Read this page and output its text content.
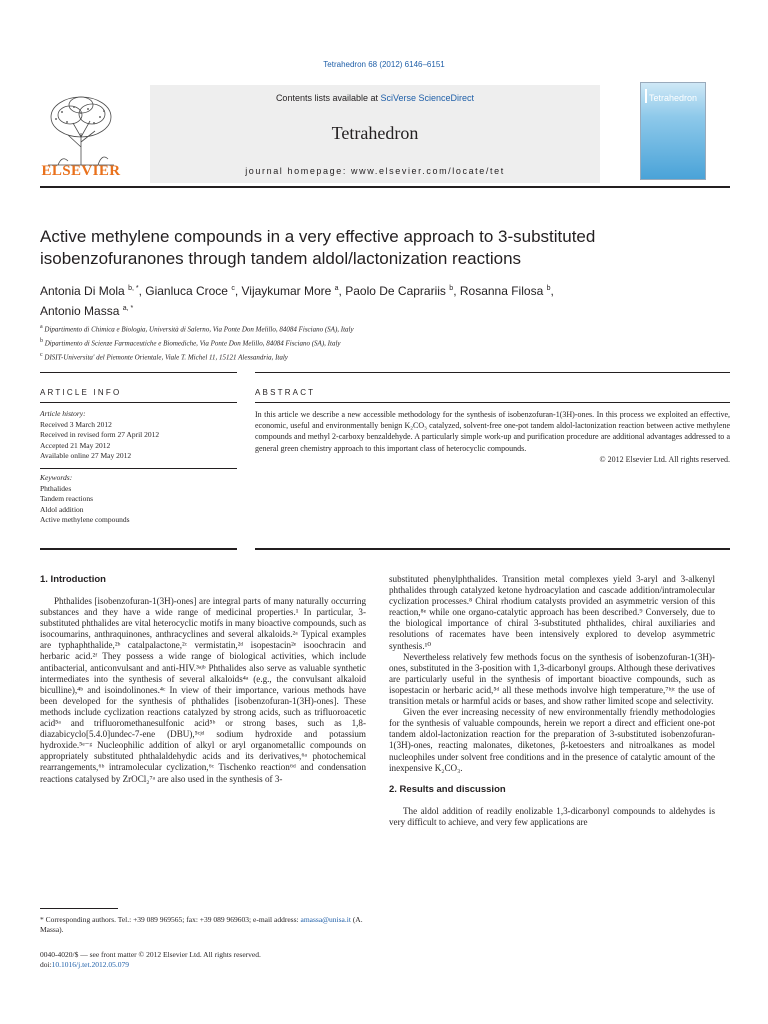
Tetrahedron 68 (2012) 6146–6151
ELSEVIER
Contents lists available at SciVerse ScienceDirect
Tetrahedron
journal homepage: www.elsevier.com/locate/tet
Tetrahedron
Active methylene compounds in a very effective approach to 3-substituted
isobenzofuranones through tandem aldol/lactonization reactions
Antonia Di Mola $^{b, *}$, Gianluca Croce $^c$, Vijaykumar More $^a$, Paolo De Caprariis $^b$, Rosanna Filosa $^b$,
Antonio Massa $^{a, *}$
$^a$ Dipartimento di Chimica e Biologia, Università di Salerno, Via Ponte Don Melillo, 84084 Fisciano (SA), Italy
$^b$ Dipartimento di Scienze Farmaceutiche e Biomediche, Via Ponte Don Melillo, 84084 Fisciano (SA), Italy
$^c$ DISIT-Universita' del Piemonte Orientale, Viale T. Michel 11, 15121 Alessandria, Italy
ARTICLE INFO	ABSTRACT
Article history:
Received 3 March 2012
Received in revised form 27 April 2012
Accepted 21 May 2012
Available online 27 May 2012
Keywords:
Phthalides
Tandem reactions
Aldol addition
Active methylene compounds
In this article we describe a new accessible methodology for the synthesis of isobenzofuran-1(3H)-ones. In this process we exploited an effective, economic, useful and environmentally benign K₂CO₃ catalyzed, solvent-free one-pot tandem aldol-lactonization reaction between active methylene compounds and methyl 2-carboxy benzaldehyde. A particularly simple work-up and purification procedure are additional advantages addressed to a general green chemistry approach to this important class of heterocyclic compounds.
© 2012 Elsevier Ltd. All rights reserved.
1. Introduction

Phthalides [isobenzofuran-1(3H)-ones] are integral parts of many naturally occurring substances and they have a wide range of medicinal properties.¹ In particular, 3-substituted phthalides are vital heterocyclic motifs in many bioactive compounds, such as isocoumarins, anthraquinones, anthracyclines and several alkaloids.²ᵃ Typical examples are typhaphthalide,²ᵇ catalpalactone,²ᶜ vermistatin,²ᵈ isopestacin²ᵉ isoochracin and herbaric acid.²ᶠ They possess a wide range of biological activities, which include antibacterial, anticonvulsant and anti-HIV.³ᵃʲᵇ Phthalides also serve as valuable synthetic intermediates into the synthesis of several alkaloids⁴ᵃ (e.g., the convulsant alkaloid biculline),⁴ᵇ and isoindolinones.⁴ᶜ In view of their importance, various methods have been developed for the synthesis of phthalides [isobenzofuran-1(3H)-ones]. These methods include cyclization reactions catalyzed by strong acids, such as trifluoroacetic acid⁵ᵃ and trifluoromethanesulfonic acid⁵ᵇ or strong bases, such as 1,8-diazabicyclo[5.4.0]undec-7-ene (DBU),⁵ᶜʲᵈ sodium hydroxide and potassium hydroxide.⁵ᵉ⁻ᵍ Nucleophilic addition of alkyl or aryl organometallic compounds on appropriately substituted phthalaldehydic acids and its derivatives,⁶ᵃ photochemical rearrangements,⁶ᵇ intramolecular cyclization,⁶ᶜ Tischenko reaction⁶ᵈ and condensation reactions catalysed by ZrOCl₂⁷ᵃ are also used in the synthesis of 3-

substituted phenylphthalides. Transition metal complexes yield 3-aryl and 3-alkenyl phthalides through catalyzed ketone hydroacylation and cascade addition/intramolecular cyclization processes.⁸ Chiral rhodium catalysts provided an asymmetric version of this reaction,⁸ᵉ while one organo-catalytic approach has been described.⁹ Conversely, due to the biological importance of chiral 3-substituted phthalides, chiral auxiliaries and resolutions of racemates have been intensively explored to develop asymmetric synthesis.¹⁰

Nevertheless relatively few methods focus on the synthesis of isobenzofuran-1(3H)-ones, substituted in the 3-position with 1,3-dicarbonyl groups. Although these derivatives are particularly useful in the synthesis of important bioactive compounds, such as isopestacin or herbaric acid,⁵ᵈ all these methods involve high temperature,⁷ᵇʲᶜ the use of transition metals or harmful acids or bases, and show rather limited scope and selectivity.

Given the ever increasing necessity of new environmentally friendly methodologies for the synthesis of valuable compounds, herein we report a direct and efficient one-pot tandem aldol-lactonization reaction for the preparation of 3-substituted isobenzofuran-1(3H)-ones, reacting malonates, diketones, β-ketoesters and nitroalkanes as model nucleophiles under solvent free conditions and in the presence of catalytic amount of the inexpensive K₂CO₃.

2. Results and discussion

The aldol addition of readily enolizable 1,3-dicarbonyl compounds to aldehydes is very difficult to achieve, and very few applications are

* Corresponding authors. Tel.: +39 089 969565; fax: +39 089 969603; e-mail address: amassa@unisa.it (A. Massa).
0040-4020/$ — see front matter © 2012 Elsevier Ltd. All rights reserved.
doi:10.1016/j.tet.2012.05.079
